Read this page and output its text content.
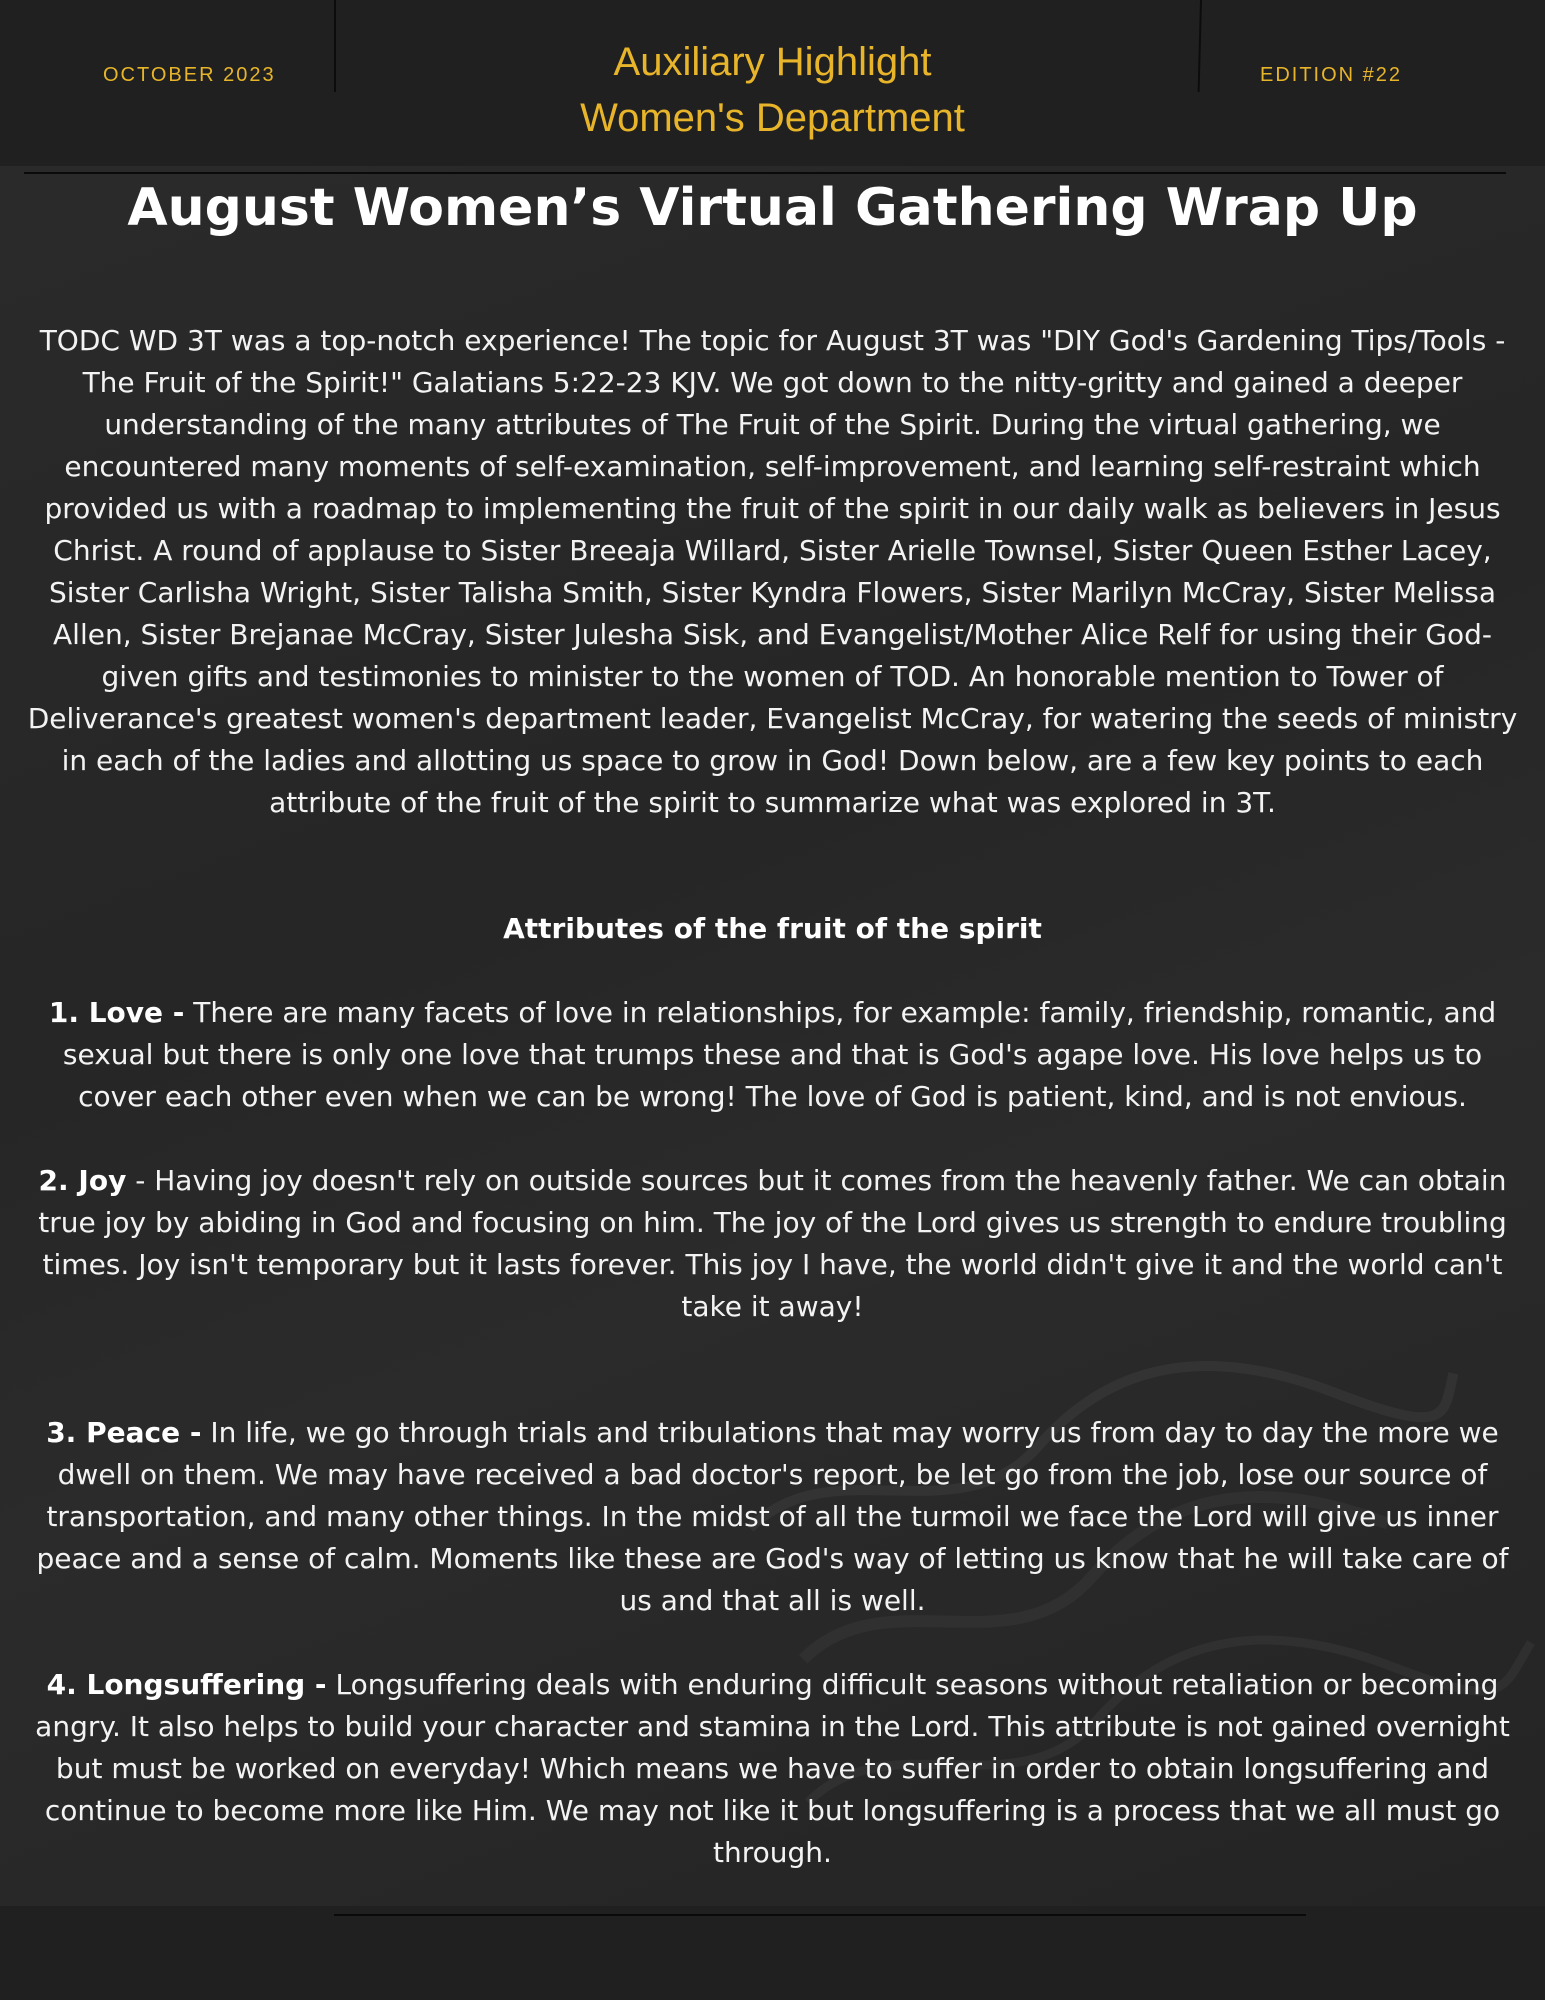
OCTOBER 2023	Auxiliary Highlight
Women's Department
EDITION #22
August Women’s Virtual Gathering Wrap Up

TODC WD 3T was a top-notch experience! The topic for August 3T was "DIY God's Gardening Tips/Tools - The Fruit of the Spirit!" Galatians 5:22-23 KJV. We got down to the nitty-gritty and gained a deeper understanding of the many attributes of The Fruit of the Spirit. During the virtual gathering, we encountered many moments of self-examination, self-improvement, and learning self-restraint which provided us with a roadmap to implementing the fruit of the spirit in our daily walk as believers in Jesus Christ. A round of applause to Sister Breeaja Willard, Sister Arielle Townsel, Sister Queen Esther Lacey, Sister Carlisha Wright, Sister Talisha Smith, Sister Kyndra Flowers, Sister Marilyn McCray, Sister Melissa Allen, Sister Brejanae McCray, Sister Julesha Sisk, and Evangelist/Mother Alice Relf for using their God-given gifts and testimonies to minister to the women of TOD. An honorable mention to Tower of Deliverance's greatest women's department leader, Evangelist McCray, for watering the seeds of ministry in each of the ladies and allotting us space to grow in God! Down below, are a few key points to each attribute of the fruit of the spirit to summarize what was explored in 3T.

Attributes of the fruit of the spirit

1. Love - There are many facets of love in relationships, for example: family, friendship, romantic, and sexual but there is only one love that trumps these and that is God's agape love. His love helps us to cover each other even when we can be wrong! The love of God is patient, kind, and is not envious.

2. Joy - Having joy doesn't rely on outside sources but it comes from the heavenly father. We can obtain true joy by abiding in God and focusing on him. The joy of the Lord gives us strength to endure troubling times. Joy isn't temporary but it lasts forever. This joy I have, the world didn't give it and the world can't take it away!

3. Peace - In life, we go through trials and tribulations that may worry us from day to day the more we dwell on them. We may have received a bad doctor's report, be let go from the job, lose our source of transportation, and many other things. In the midst of all the turmoil we face the Lord will give us inner peace and a sense of calm. Moments like these are God's way of letting us know that he will take care of us and that all is well.

4. Longsuffering - Longsuffering deals with enduring difficult seasons without retaliation or becoming angry. It also helps to build your character and stamina in the Lord. This attribute is not gained overnight but must be worked on everyday! Which means we have to suffer in order to obtain longsuffering and continue to become more like Him. We may not like it but longsuffering is a process that we all must go through.
